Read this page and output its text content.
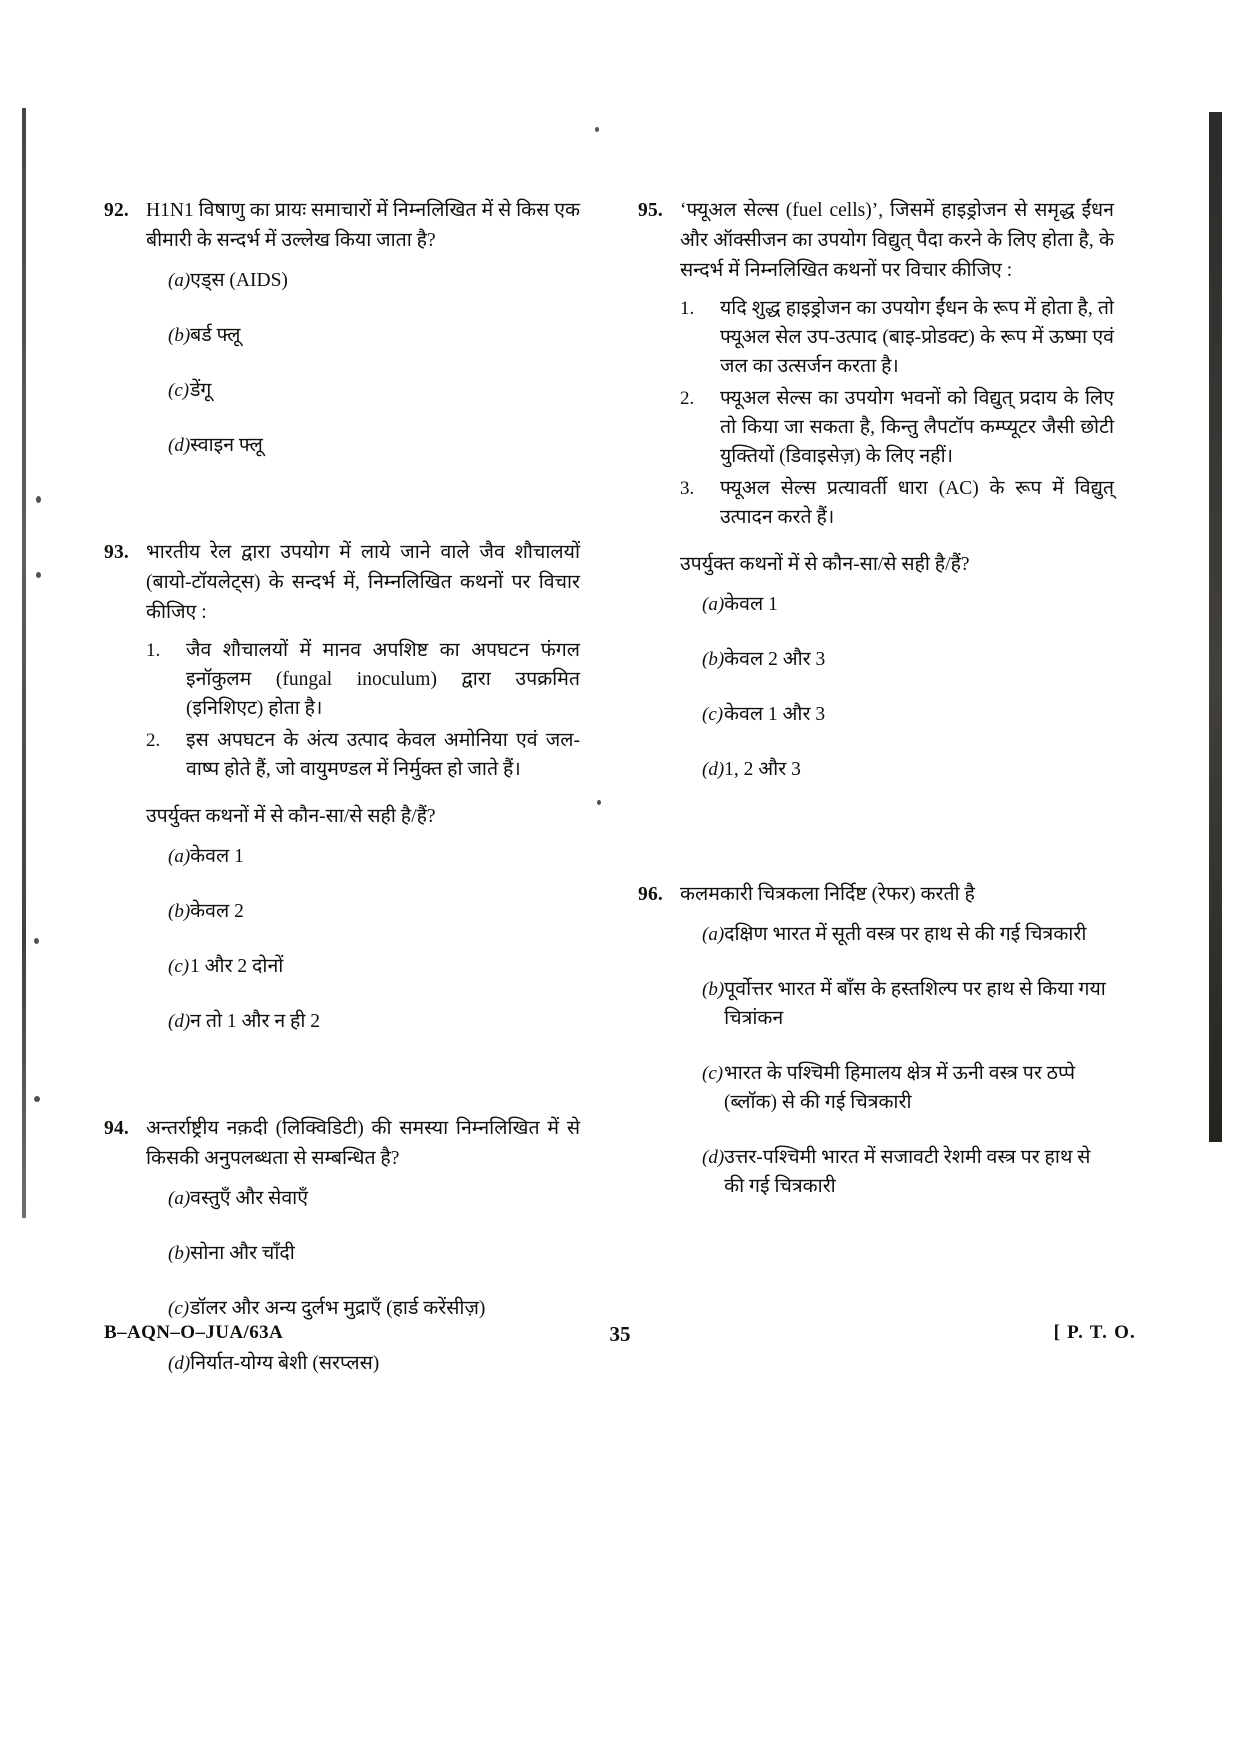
92. H1N1 विषाणु का प्रायः समाचारों में निम्नलिखित में से किस एक बीमारी के सन्दर्भ में उल्लेख किया जाता है?

(a) एड्स (AIDS)
(b) बर्ड फ्लू
(c) डेंगू
(d) स्वाइन फ्लू
93. भारतीय रेल द्वारा उपयोग में लाये जाने वाले जैव शौचालयों (बायो-टॉयलेट्स) के सन्दर्भ में, निम्नलिखित कथनों पर विचार कीजिए :

1.	जैव शौचालयों में मानव अपशिष्ट का अपघटन फंगल इनॉकुलम (fungal inoculum) द्वारा उपक्रमित (इनिशिएट) होता है।
2.	इस अपघटन के अंत्य उत्पाद केवल अमोनिया एवं जल-वाष्प होते हैं, जो वायुमण्डल में निर्मुक्त हो जाते हैं।

उपर्युक्त कथनों में से कौन-सा/से सही है/हैं?

(a) केवल 1
(b) केवल 2
(c) 1 और 2 दोनों
(d) न तो 1 और न ही 2
94. अन्तर्राष्ट्रीय नक़दी (लिक्विडिटी) की समस्या निम्नलिखित में से किसकी अनुपलब्धता से सम्बन्धित है?

(a) वस्तुएँ और सेवाएँ
(b) सोना और चाँदी
(c) डॉलर और अन्य दुर्लभ मुद्राएँ (हार्ड करेंसीज़)
(d) निर्यात-योग्य बेशी (सरप्लस)
95. ‘फ्यूअल सेल्स (fuel cells)’, जिसमें हाइड्रोजन से समृद्ध ईंधन और ऑक्सीजन का उपयोग विद्युत् पैदा करने के लिए होता है, के सन्दर्भ में निम्नलिखित कथनों पर विचार कीजिए :

1.	यदि शुद्ध हाइड्रोजन का उपयोग ईंधन के रूप में होता है, तो फ्यूअल सेल उप-उत्पाद (बाइ-प्रोडक्ट) के रूप में ऊष्मा एवं जल का उत्सर्जन करता है।
2.	फ्यूअल सेल्स का उपयोग भवनों को विद्युत् प्रदाय के लिए तो किया जा सकता है, किन्तु लैपटॉप कम्प्यूटर जैसी छोटी युक्तियों (डिवाइसेज़) के लिए नहीं।
3.	फ्यूअल सेल्स प्रत्यावर्ती धारा (AC) के रूप में विद्युत् उत्पादन करते हैं।

उपर्युक्त कथनों में से कौन-सा/से सही है/हैं?

(a) केवल 1
(b) केवल 2 और 3
(c) केवल 1 और 3
(d) 1, 2 और 3
96. कलमकारी चित्रकला निर्दिष्ट (रेफर) करती है

(a) दक्षिण भारत में सूती वस्त्र पर हाथ से की गई चित्रकारी
(b) पूर्वोत्तर भारत में बाँस के हस्तशिल्प पर हाथ से किया गया चित्रांकन
(c) भारत के पश्चिमी हिमालय क्षेत्र में ऊनी वस्त्र पर ठप्पे (ब्लॉक) से की गई चित्रकारी
(d) उत्तर-पश्चिमी भारत में सजावटी रेशमी वस्त्र पर हाथ से की गई चित्रकारी
B–AQN–O–JUA/63A	35	[ P. T. O.
